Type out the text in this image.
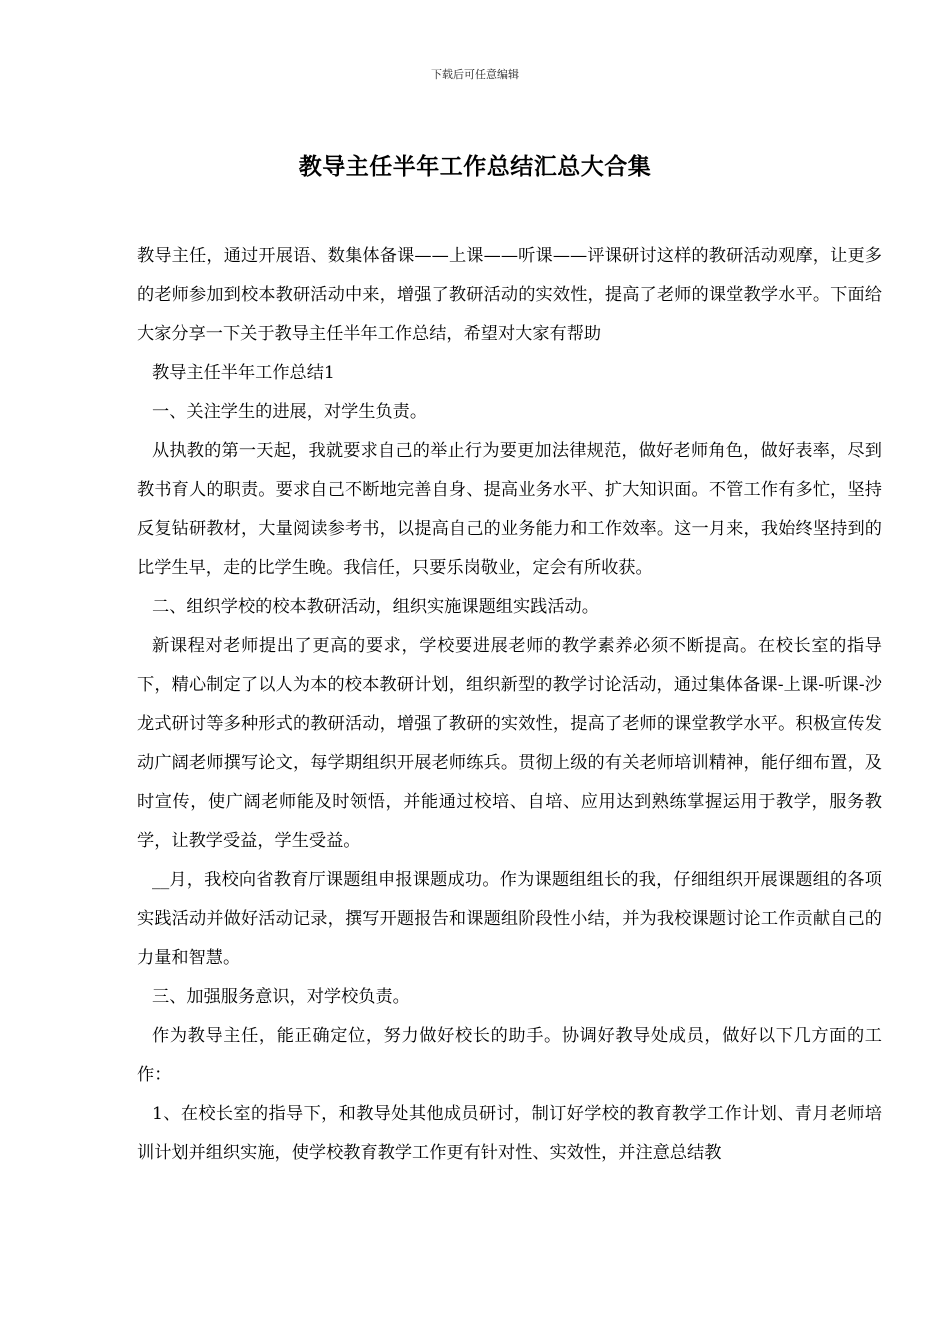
下载后可任意编辑
教导主任半年工作总结汇总大合集

教导主任，通过开展语、数集体备课——上课——听课——评课研讨这样的教研活动观摩，让更多的老师参加到校本教研活动中来，增强了教研活动的实效性，提高了老师的课堂教学水平。下面给大家分享一下关于教导主任半年工作总结，希望对大家有帮助

教导主任半年工作总结1

一、关注学生的进展，对学生负责。

从执教的第一天起，我就要求自己的举止行为要更加法律规范，做好老师角色，做好表率，尽到教书育人的职责。要求自己不断地完善自身、提高业务水平、扩大知识面。不管工作有多忙，坚持反复钻研教材，大量阅读参考书，以提高自己的业务能力和工作效率。这一月来，我始终坚持到的比学生早，走的比学生晚。我信任，只要乐岗敬业，定会有所收获。

二、组织学校的校本教研活动，组织实施课题组实践活动。

新课程对老师提出了更高的要求，学校要进展老师的教学素养必须不断提高。在校长室的指导下，精心制定了以人为本的校本教研计划，组织新型的教学讨论活动，通过集体备课-上课-听课-沙龙式研讨等多种形式的教研活动，增强了教研的实效性，提高了老师的课堂教学水平。积极宣传发动广阔老师撰写论文，每学期组织开展老师练兵。贯彻上级的有关老师培训精神，能仔细布置，及时宣传，使广阔老师能及时领悟，并能通过校培、自培、应用达到熟练掌握运用于教学，服务教学，让教学受益，学生受益。

__月，我校向省教育厅课题组申报课题成功。作为课题组组长的我，仔细组织开展课题组的各项实践活动并做好活动记录，撰写开题报告和课题组阶段性小结，并为我校课题讨论工作贡献自己的力量和智慧。

三、加强服务意识，对学校负责。

作为教导主任，能正确定位，努力做好校长的助手。协调好教导处成员，做好以下几方面的工作：

1、在校长室的指导下，和教导处其他成员研讨，制订好学校的教育教学工作计划、青月老师培训计划并组织实施，使学校教育教学工作更有针对性、实效性，并注意总结教
